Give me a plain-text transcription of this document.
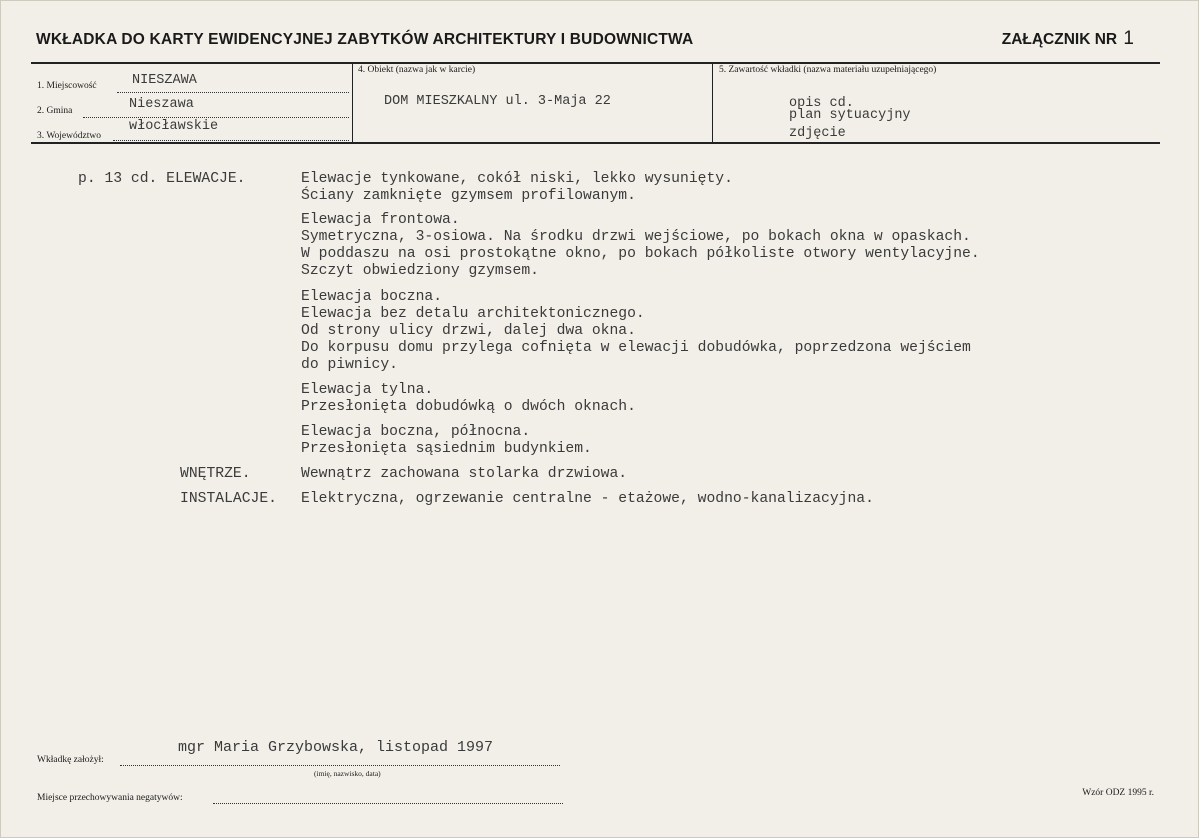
WKŁADKA DO KARTY EWIDENCYJNEJ ZABYTKÓW ARCHITEKTURY I BUDOWNICTWA	ZAŁĄCZNIK NR 1
1. Miejscowość	NIESZAWA
2. Gmina	Nieszawa
3. Województwo
włocławskie
4. Obiekt (nazwa jak w karcie)
DOM MIESZKALNY ul. 3-Maja 22
5. Zawartość wkładki (nazwa materiału uzupełniającego)
opis cd.
plan sytuacyjny
zdjęcie
p. 13 cd. ELEWACJE.	Elewacje tynkowane, cokół niski, lekko wysunięty.
Ściany zamknięte gzymsem profilowanym.
Elewacja frontowa.
Symetryczna, 3-osiowa. Na środku drzwi wejściowe, po bokach okna w opaskach.
W poddaszu na osi prostokątne okno, po bokach półkoliste otwory wentylacyjne.
Szczyt obwiedziony gzymsem.
Elewacja boczna.
Elewacja bez detalu architektonicznego.
Od strony ulicy drzwi, dalej dwa okna.
Do korpusu domu przylega cofnięta w elewacji dobudówka, poprzedzona wejściem
do piwnicy.
Elewacja tylna.
Przesłonięta dobudówką o dwóch oknach.
Elewacja boczna, północna.
Przesłonięta sąsiednim budynkiem.
WNĘTRZE.	Wewnątrz zachowana stolarka drzwiowa.
INSTALACJE. Elektryczna, ogrzewanie centralne - etażowe, wodno-kanalizacyjna.
Wkładkę założył:
mgr Maria Grzybowska, listopad 1997
(imię, nazwisko, data)
Miejsce przechowywania negatywów:	Wzór ODZ 1995 r.
